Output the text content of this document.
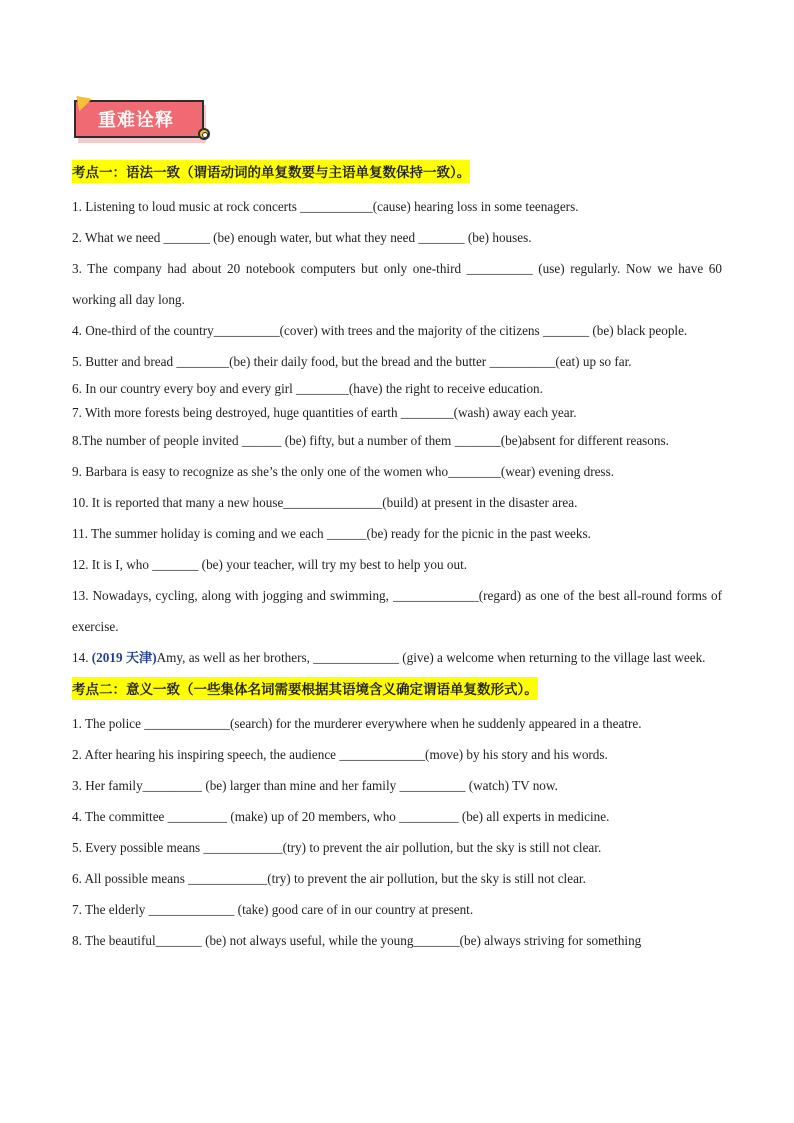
重难诠释
考点一：语法一致（谓语动词的单复数要与主语单复数保持一致）。

1. Listening to loud music at rock concerts ___________(cause) hearing loss in some teenagers.

2. What we need _______ (be) enough water, but what they need _______ (be) houses.

3. The company had about 20 notebook computers but only one-third __________ (use) regularly. Now we have 60 working all day long.

4. One-third of the country__________(cover) with trees and the majority of the citizens _______ (be) black people.

5. Butter and bread ________(be) their daily food, but the bread and the butter __________(eat) up so far.

6. In our country every boy and every girl ________(have) the right to receive education.

7. With more forests being destroyed, huge quantities of earth ________(wash) away each year.

8.The number of people invited ______ (be) fifty, but a number of them _______(be)absent for different reasons.

9. Barbara is easy to recognize as she’s the only one of the women who________(wear) evening dress.

10. It is reported that many a new house_______________(build) at present in the disaster area.

11. The summer holiday is coming and we each ______(be) ready for the picnic in the past weeks.

12. It is I, who _______ (be) your teacher, will try my best to help you out.

13. Nowadays, cycling, along with jogging and swimming, _____________(regard) as one of the best all-round forms of exercise.

14. (2019 天津)Amy, as well as her brothers, _____________ (give) a welcome when returning to the village last week.

考点二：意义一致（一些集体名词需要根据其语境含义确定谓语单复数形式）。

1. The police _____________(search) for the murderer everywhere when he suddenly appeared in a theatre.

2. After hearing his inspiring speech, the audience _____________(move) by his story and his words.

3. Her family_________ (be) larger than mine and her family __________ (watch) TV now.

4. The committee _________ (make) up of 20 members, who _________ (be) all experts in medicine.

5. Every possible means ____________(try) to prevent the air pollution, but the sky is still not clear.

6. All possible means ____________(try) to prevent the air pollution, but the sky is still not clear.

7. The elderly _____________ (take) good care of in our country at present.

8. The beautiful_______ (be) not always useful, while the young_______(be) always striving for something
